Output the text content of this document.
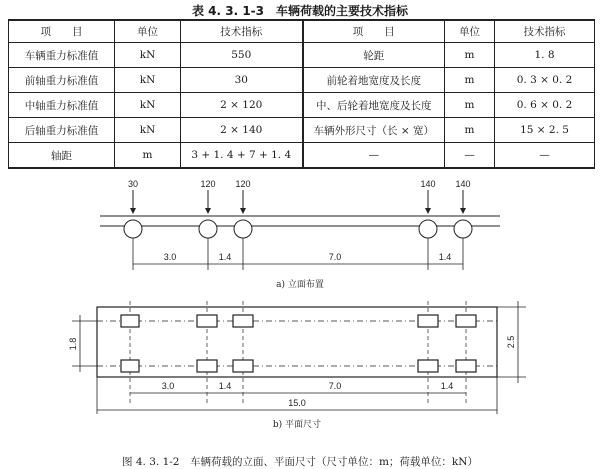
表 4. 3. 1-3　车辆荷载的主要技术指标
项　　目	单位	技术指标	项　　目	单位	技术指标
车辆重力标准值	kN	550	轮距	m	1. 8
前轴重力标准值	kN	30	前轮着地宽度及长度	m	0. 3 × 0. 2
中轴重力标准值	kN	2 × 120	中、后轮着地宽度及长度	m	0. 6 × 0. 2
后轴重力标准值	kN	2 × 140	车辆外形尺寸（长 × 宽）	m	15 × 2. 5
轴距	m	3 + 1. 4 + 7 + 1. 4	—	—	—
30	120 120	140 140
3.0	1.4	7.0	1.4
a) 立面布置
1.8	2.5
3.0	1.4	7.0	1.4
15.0
b) 平面尺寸
图 4. 3. 1-2　车辆荷载的立面、平面尺寸（尺寸单位：m；荷载单位：kN）
